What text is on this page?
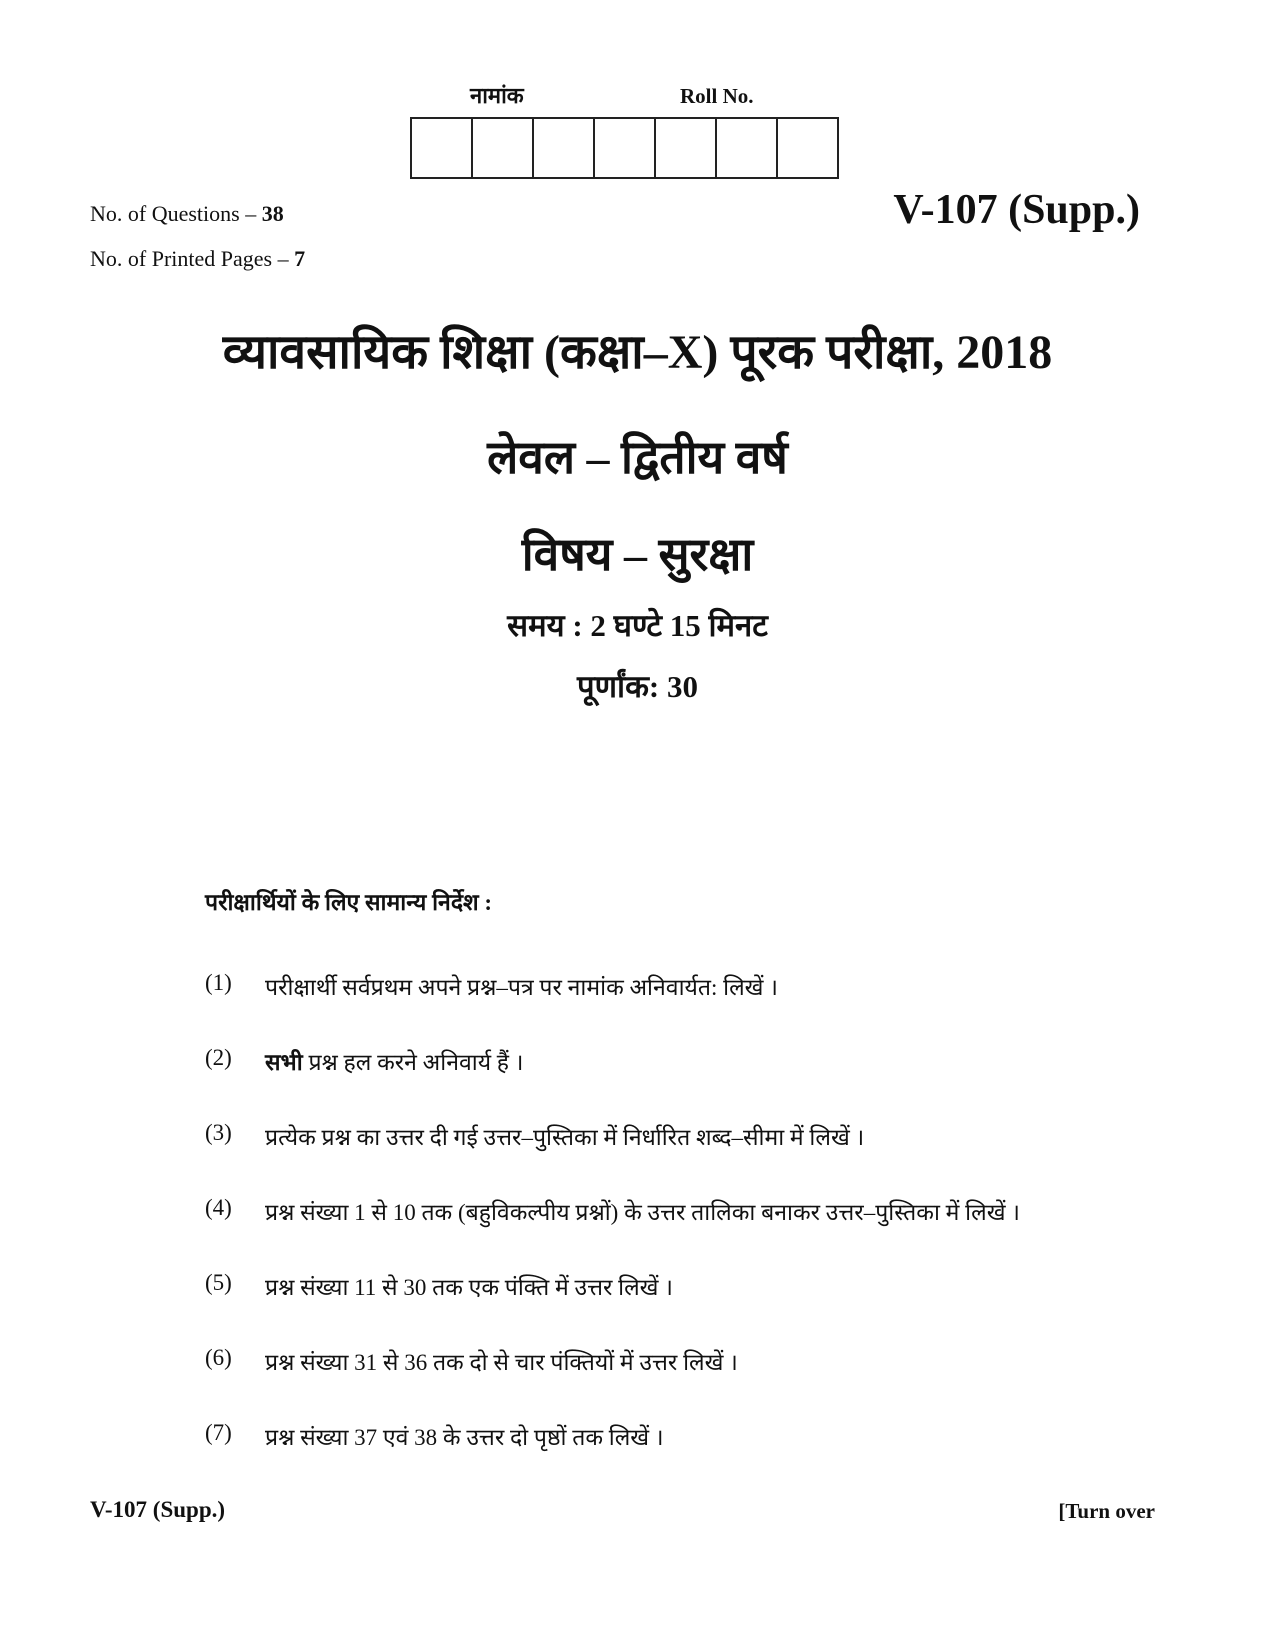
नामांक	Roll No.
No. of Questions – 38
No. of Printed Pages – 7
V-107 (Supp.)
व्यावसायिक शिक्षा (कक्षा–X) पूरक परीक्षा, 2018
लेवल – द्वितीय वर्ष
विषय – सुरक्षा
समय : 2 घण्टे 15 मिनट
पूर्णांक: 30
परीक्षार्थियों के लिए सामान्य निर्देश :
(1)	परीक्षार्थी सर्वप्रथम अपने प्रश्न–पत्र पर नामांक अनिवार्यत: लिखें ।
(2)	सभी प्रश्न हल करने अनिवार्य हैं ।
(3)	प्रत्येक प्रश्न का उत्तर दी गई उत्तर–पुस्तिका में निर्धारित शब्द–सीमा में लिखें ।
(4)	प्रश्न संख्या 1 से 10 तक (बहुविकल्पीय प्रश्नों) के उत्तर तालिका बनाकर उत्तर–पुस्तिका में लिखें ।
(5)	प्रश्न संख्या 11 से 30 तक एक पंक्ति में उत्तर लिखें ।
(6)	प्रश्न संख्या 31 से 36 तक दो से चार पंक्तियों में उत्तर लिखें ।
(7)	प्रश्न संख्या 37 एवं 38 के उत्तर दो पृष्ठों तक लिखें ।
V-107 (Supp.)	[Turn over
